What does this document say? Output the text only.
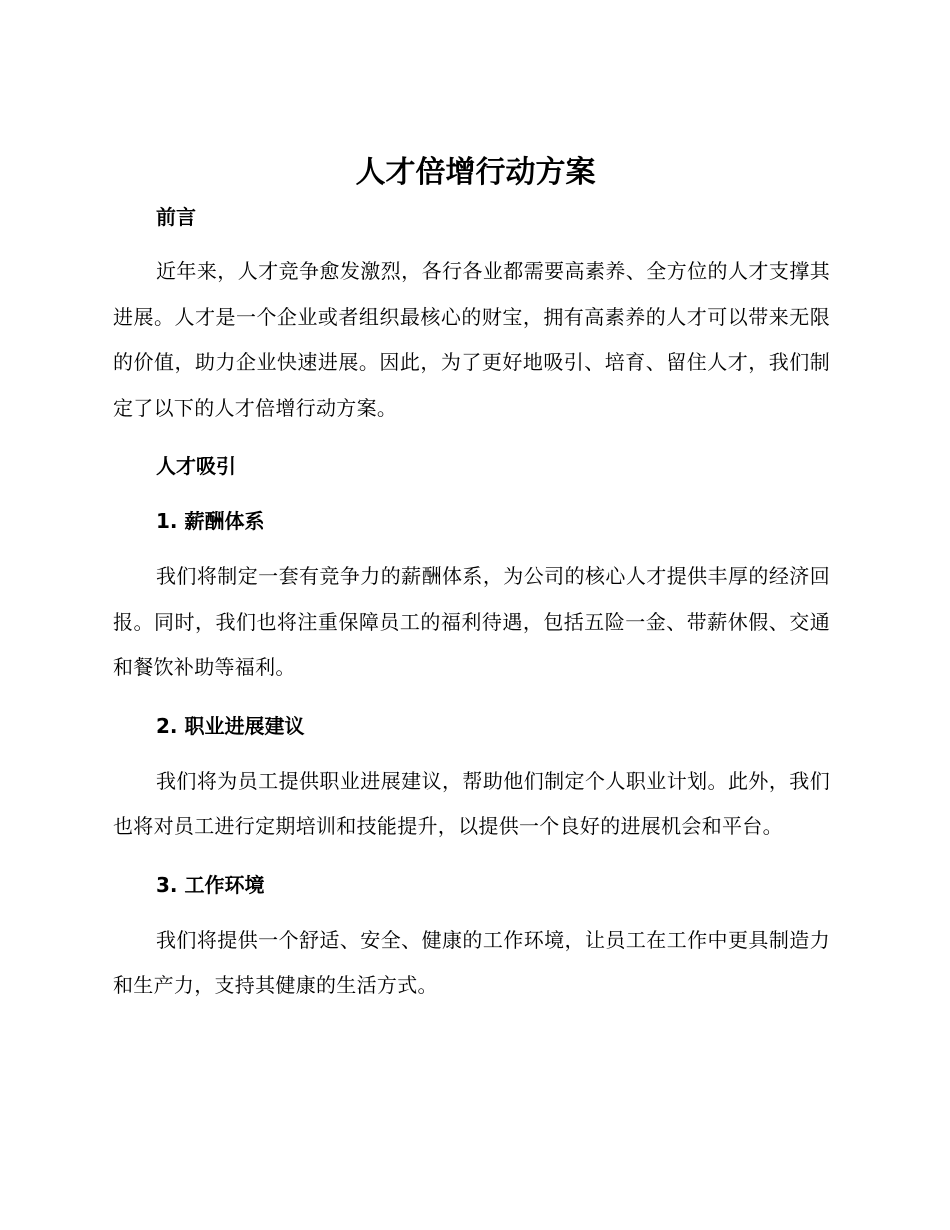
人才倍增行动方案
前言

近年来，人才竞争愈发激烈，各行各业都需要高素养、全方位的人才支撑其进展。人才是一个企业或者组织最核心的财宝，拥有高素养的人才可以带来无限的价值，助力企业快速进展。因此，为了更好地吸引、培育、留住人才，我们制定了以下的人才倍增行动方案。

人才吸引
1. 薪酬体系

我们将制定一套有竞争力的薪酬体系，为公司的核心人才提供丰厚的经济回报。同时，我们也将注重保障员工的福利待遇，包括五险一金、带薪休假、交通和餐饮补助等福利。

2. 职业进展建议

我们将为员工提供职业进展建议，帮助他们制定个人职业计划。此外，我们也将对员工进行定期培训和技能提升，以提供一个良好的进展机会和平台。

3. 工作环境

我们将提供一个舒适、安全、健康的工作环境，让员工在工作中更具制造力和生产力，支持其健康的生活方式。
